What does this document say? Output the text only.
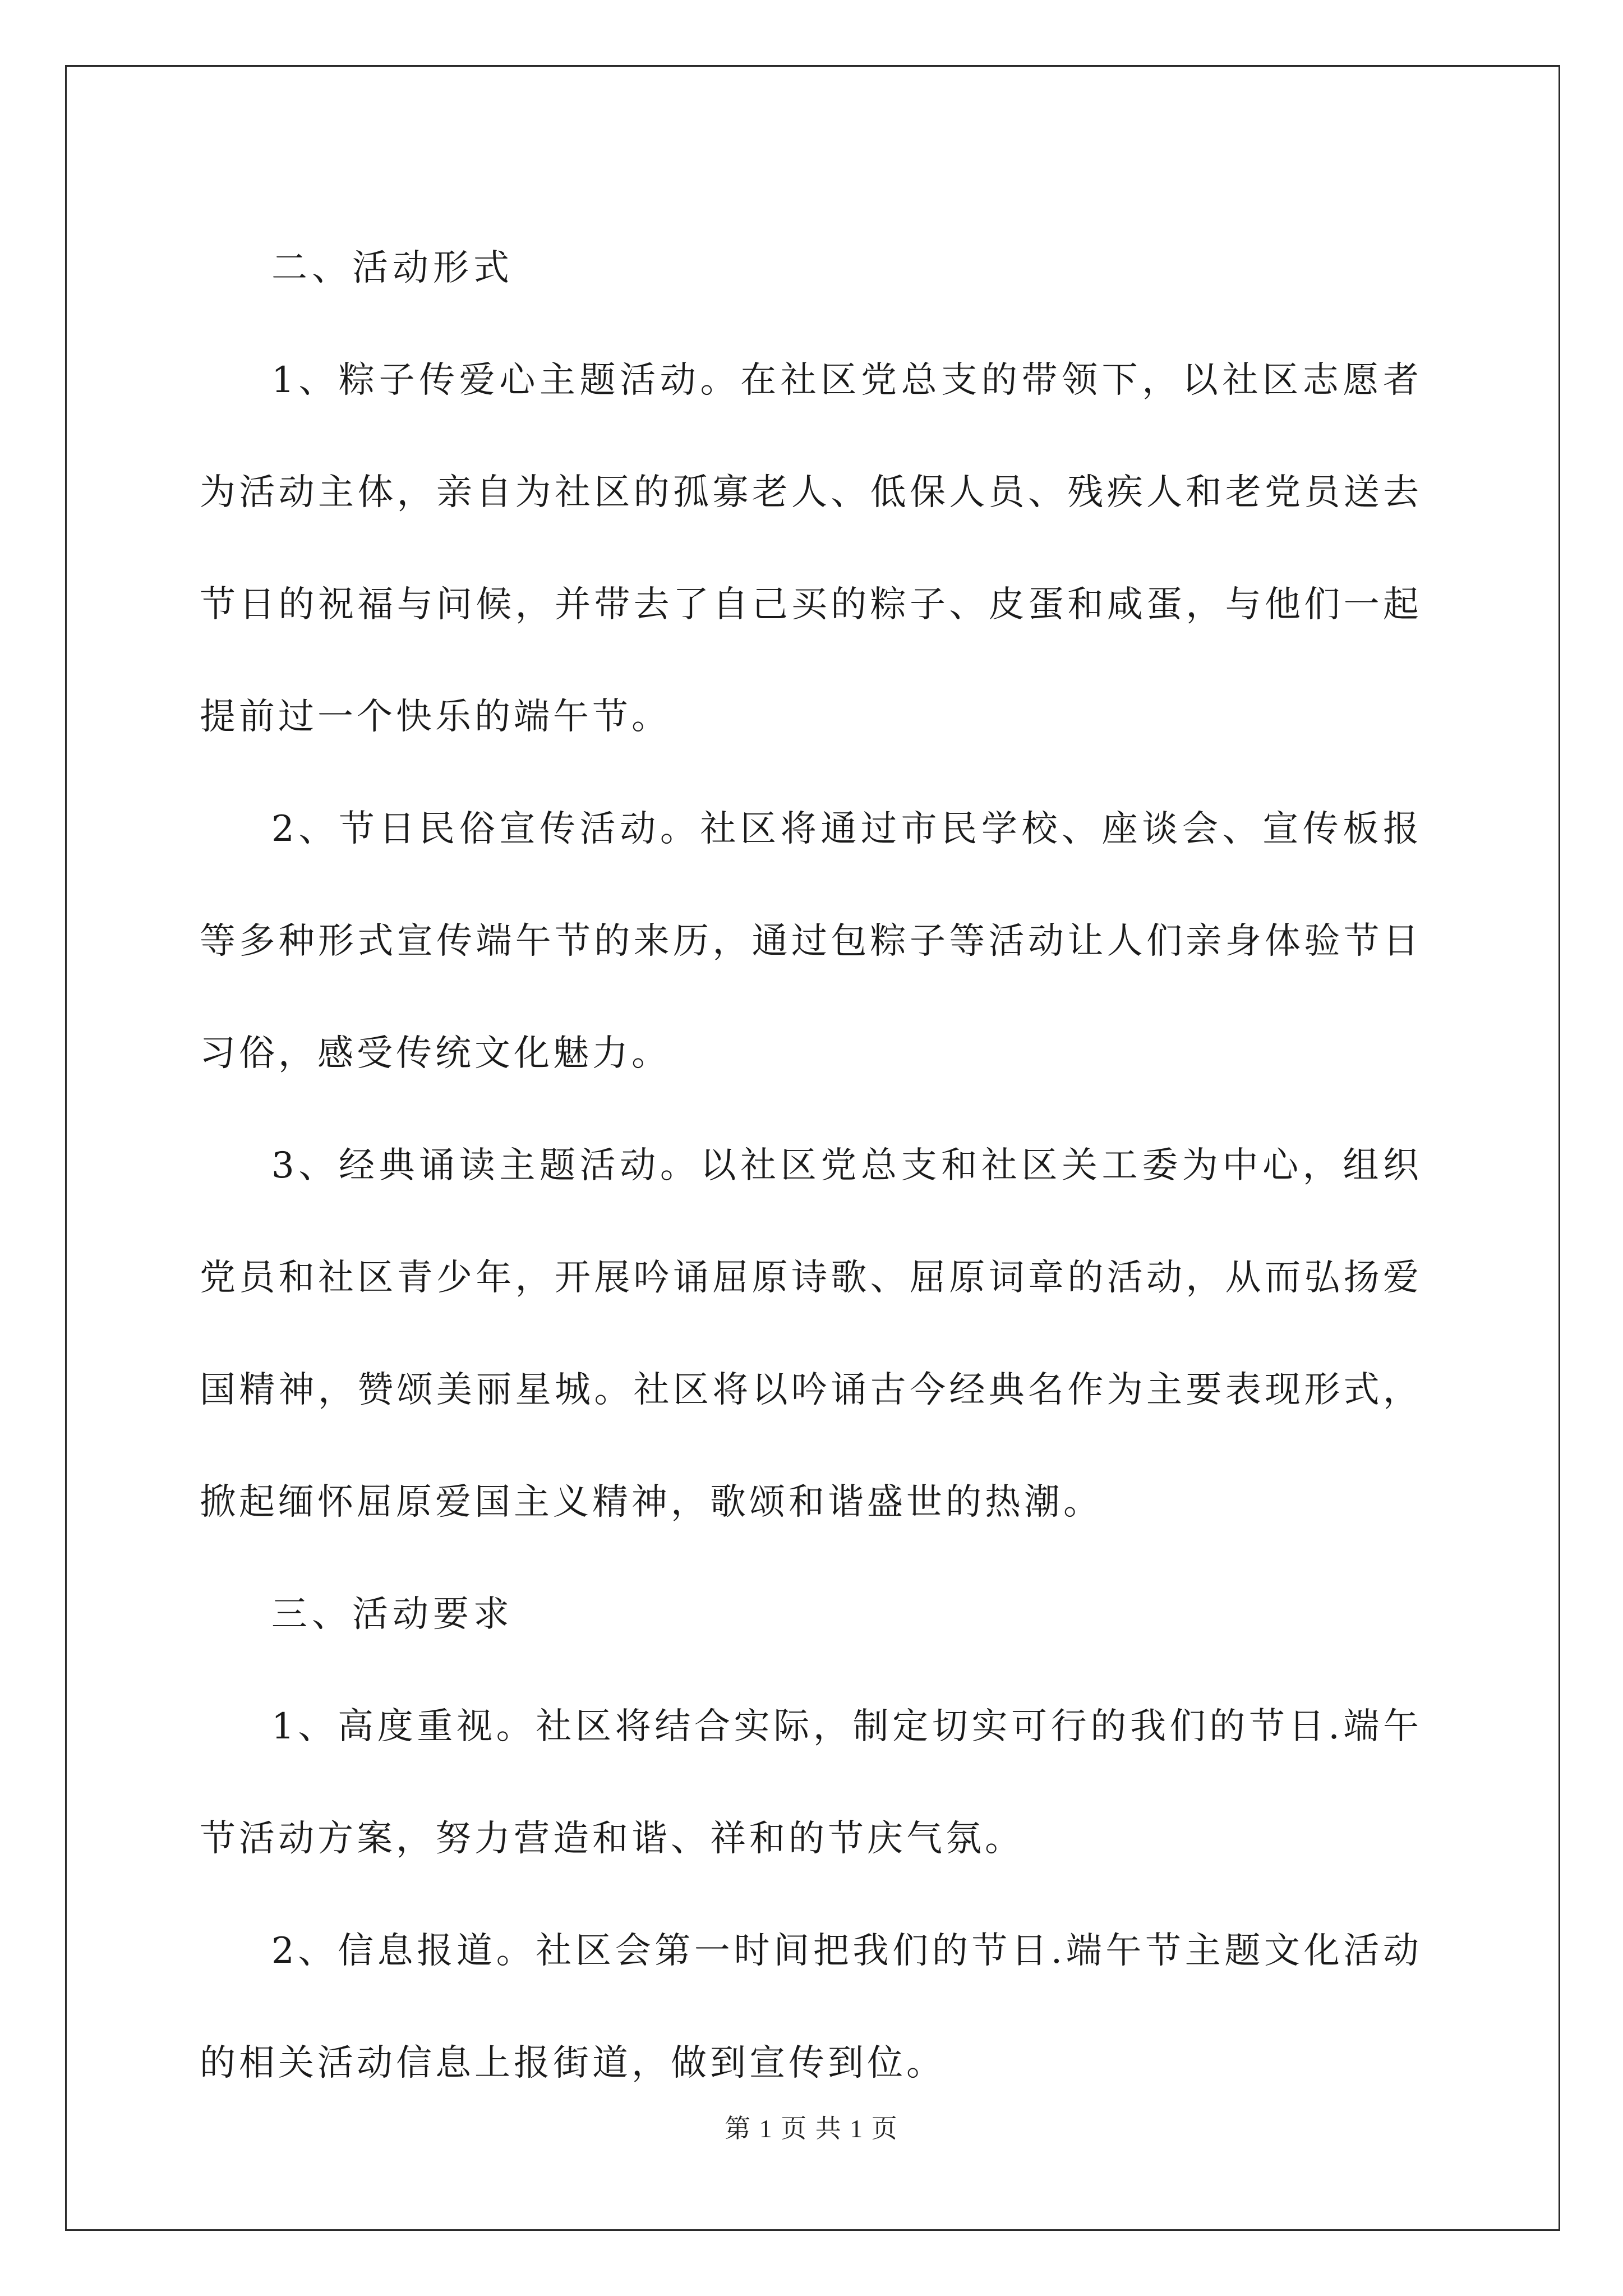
二、活动形式

1、粽子传爱心主题活动。在社区党总支的带领下，以社区志愿者为活动主体，亲自为社区的孤寡老人、低保人员、残疾人和老党员送去节日的祝福与问候，并带去了自己买的粽子、皮蛋和咸蛋，与他们一起提前过一个快乐的端午节。

2、节日民俗宣传活动。社区将通过市民学校、座谈会、宣传板报等多种形式宣传端午节的来历，通过包粽子等活动让人们亲身体验节日习俗，感受传统文化魅力。

3、经典诵读主题活动。以社区党总支和社区关工委为中心，组织党员和社区青少年，开展吟诵屈原诗歌、屈原词章的活动，从而弘扬爱国精神，赞颂美丽星城。社区将以吟诵古今经典名作为主要表现形式，掀起缅怀屈原爱国主义精神，歌颂和谐盛世的热潮。

三、活动要求

1、高度重视。社区将结合实际，制定切实可行的我们的节日.端午节活动方案，努力营造和谐、祥和的节庆气氛。

2、信息报道。社区会第一时间把我们的节日.端午节主题文化活动的相关活动信息上报街道，做到宣传到位。

第 1 页 共 1 页
